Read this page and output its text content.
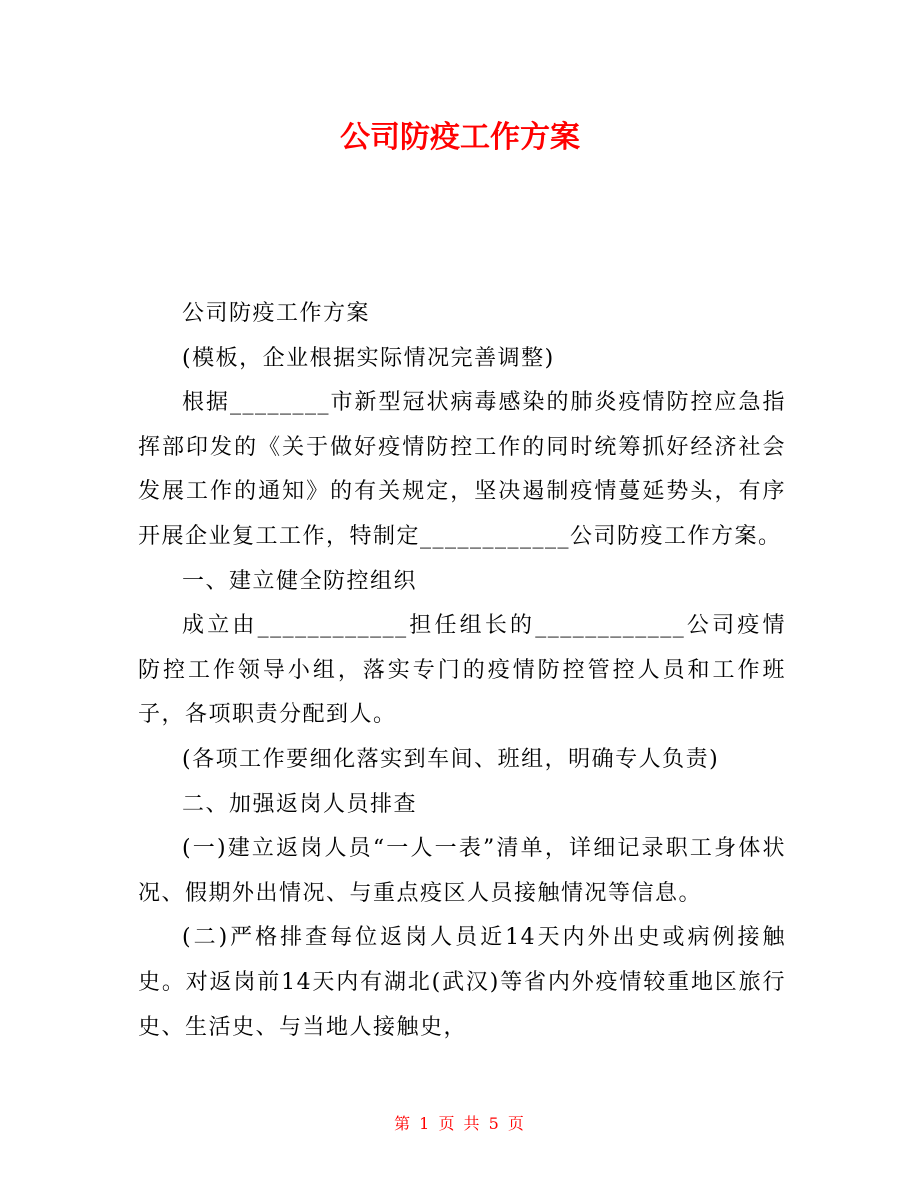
公司防疫工作方案

公司防疫工作方案

(模板，企业根据实际情况完善调整)

根据________市新型冠状病毒感染的肺炎疫情防控应急指挥部印发的《关于做好疫情防控工作的同时统筹抓好经济社会发展工作的通知》的有关规定，坚决遏制疫情蔓延势头，有序开展企业复工工作，特制定____________公司防疫工作方案。

一、建立健全防控组织

成立由____________担任组长的____________公司疫情防控工作领导小组，落实专门的疫情防控管控人员和工作班子，各项职责分配到人。

(各项工作要细化落实到车间、班组，明确专人负责)

二、加强返岗人员排查

(一)建立返岗人员“一人一表”清单，详细记录职工身体状况、假期外出情况、与重点疫区人员接触情况等信息。

(二)严格排查每位返岗人员近14天内外出史或病例接触史。对返岗前14天内有湖北(武汉)等省内外疫情较重地区旅行史、生活史、与当地人接触史，

第 1 页 共 5 页
